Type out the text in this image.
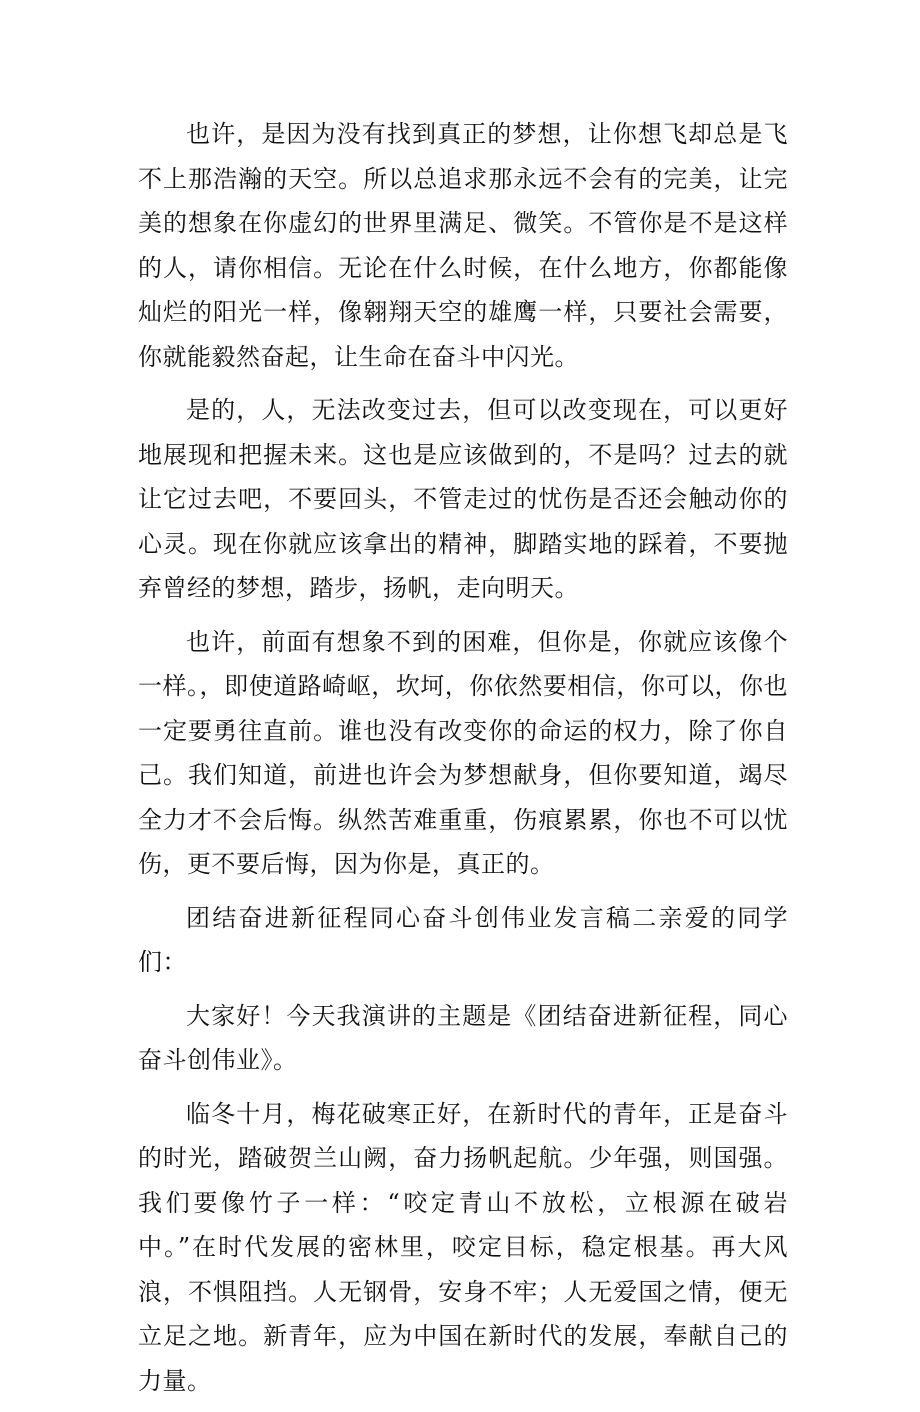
也许，是因为没有找到真正的梦想，让你想飞却总是飞不上那浩瀚的天空。所以总追求那永远不会有的完美，让完美的想象在你虚幻的世界里满足、微笑。不管你是不是这样的人，请你相信。无论在什么时候，在什么地方，你都能像灿烂的阳光一样，像翱翔天空的雄鹰一样，只要社会需要，你就能毅然奋起，让生命在奋斗中闪光。

是的，人，无法改变过去，但可以改变现在，可以更好地展现和把握未来。这也是应该做到的，不是吗？过去的就让它过去吧，不要回头，不管走过的忧伤是否还会触动你的心灵。现在你就应该拿出的精神，脚踏实地的踩着，不要抛弃曾经的梦想，踏步，扬帆，走向明天。

也许，前面有想象不到的困难，但你是，你就应该像个一样。，即使道路崎岖，坎坷，你依然要相信，你可以，你也一定要勇往直前。谁也没有改变你的命运的权力，除了你自己。我们知道，前进也许会为梦想献身，但你要知道，竭尽全力才不会后悔。纵然苦难重重，伤痕累累，你也不可以忧伤，更不要后悔，因为你是，真正的。

团结奋进新征程同心奋斗创伟业发言稿二亲爱的同学们：

大家好！今天我演讲的主题是《团结奋进新征程，同心奋斗创伟业》。

临冬十月，梅花破寒正好，在新时代的青年，正是奋斗的时光，踏破贺兰山阙，奋力扬帆起航。少年强，则国强。我们要像竹子一样：“咬定青山不放松，立根源在破岩中。”在时代发展的密林里，咬定目标，稳定根基。再大风浪，不惧阻挡。人无钢骨，安身不牢；人无爱国之情，便无立足之地。新青年，应为中国在新时代的发展，奉献自己的力量。
